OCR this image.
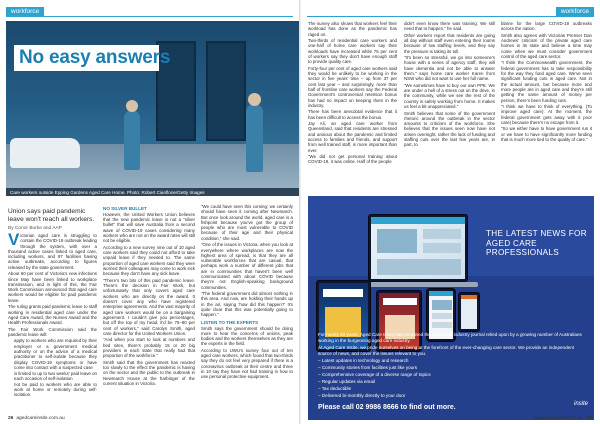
workforce
Care workers outside Epping Gardens Aged Care Home. Photo: Robert Cianflone/Getty Images
No easy answers
Union says paid pandemic leave won't reach all workers.
By Conor Burke and AAP

Victorian aged care is struggling to contain the COVID-19 outbreak leading through the system, with over a thousand active cases linked to aged care, including workers, and 97 facilities having active outbreaks, according to figures released by the state government.

About 60 per cent of Victoria's new infections since May have been linked to workplace transmission, and in light of this, the Fair Work Commission announced that aged care workers would be eligible for paid pandemic leave.

The ruling grants paid pandemic leave to staff working in residential aged care under the Aged Care Award, the Nurses Award and the Health Professionals Award.

The Fair Work Commission said the pandemic leave will:

• apply to workers who are required by their employer or a government medical authority or on the advice of a medical practitioner to self-isolate because they display COVID-19 symptoms or have come into contact with a suspected case
• is limited to up to two weeks' paid leave on each occasion of self-isolation
• not be paid to workers who are able to work at home or remotely during self-isolation.
NO SILVER BULLET

However, the United Workers Union believes that the new pandemic leave is not a "silver bullet" that will save Australia from a second wave of COVID-19 cases considering many workers who are not on the award rates will still not be eligible.

According to a new survey nine out of 10 aged care workers said they could not afford to take unpaid leave if they needed to. The same proportion of aged care workers said they were worried their colleagues may come to work sick because they don't have any sick leave.

"There's two bits of this paid pandemic leave. There's the decision in Fair Work, but unfortunately that only covers aged care workers who are directly on the award. It doesn't cover any who have registered enterprise agreements. And the vast majority of aged care workers would be on a bargaining agreement. I couldn't give you percentages, but off the top of my head, it'd be 75–80 per cent of workers," said Carolyn Smith, aged care director for the United Workers Union.

"And when you start to look at numbers and bed sites, there's probably 15 or 20 big providers in each state that really had that proportion of the workforce."

Smith said that the government has reacted too slowly to the effect the pandemic is having on the sector and the public to the outbreak in Newmarch House at the harbinger of the current situation in Victoria.

"We could have seen this coming; we certainly should have seen it coming after Newmarch. But once look around the world, aged care is a fishpoint because you've got the group of people who are most vulnerable to COVID because of their age and their physical condition," she said.

"One of the issues in Victoria, when you look at everywhere where workplaces are now the highest area of spread, is that they are all vulnerable workforces that are casual, that perhaps work a number of different jobs that are in communities that haven't been well communicated with about COVID because they're not English-speaking background communities.

"The federal government did almost nothing in this area. And now, are holding their hands up in the air, saying 'how did this happen?' It's quite clear that this was potentially going to happen."

LISTEN TO THE EXPERTS

Smith says the government should be doing more to hear the concerns of unions, peak bodies and the workers themselves as they are the experts in the field.

According to UWU's survey four out of ten aged care workers, which found that two-thirds say they do not feel very prepared if there is a coronavirus outbreak at their centre and three in 10 say they have not had training in how to use personal protective equipment.

26 agedcareinsite.com.au
workforce

The survey also shows that workers feel their workload has done as the pandemic has raged on.

Two-thirds of residential care workers and one-half of home care workers say their workloads have increased while 75 per cent of workers say they don't have enough staff to provide quality care.

Forty-four per cent of aged care workers said they would be unlikely to be working in the sector in five years' time – up from 37 per cent last year – and surprisingly, more than half of frontline care workers say the Federal Government's controversial retention bonus has had no impact on keeping them in the industry.

There has been anecdotal evidence that it has been difficult to access the bonus.

Jay Ali, an aged care worker from Queensland, said that residents are stressed and anxious about the pandemic and limited access to families and friends, and support from well trained staff, is more important than ever.

"We did not get personal training about COVID-19, it was online. Half of the people

didn't even know there was training. We still need that to happen," he said.

Other workers report that residents are going all day without staff even entering their rooms because of low staffing levels, and they say the pressure is taking its toll.

"It's been so stressful, we go into someone's house with a series of agency staff, they will have dementia and not be able to answer them," says home care worker Karen from NSW who did not want to use her full name.

"We sometimes have to buy our own PPE. We are under a hell of a stress out on the drive, in the community, while we see the rest of the country is safely working from home. It makes us feel a bit unappreciated."

Smith believes that some of the government rhetoric around the outbreak in the sector amounts to criticism of the workforce. She believes that the issues seen now have not arisen overnight, rather the lack of funding and staffing cuts over the last few years are, in part, to

blame for the large COVID-19 outbreaks across the nation.

Smith also agrees with Victorian Premier Dan Andrews' criticism of the private aged care homes in its state and believe a time may come when we must consider government control of the aged care sector.

"I think the Commonwealth government, the federal government has to take responsibility for the way they fund aged care. We've seen significant funding cuts in aged care. Not in the actual amount, but because more and more people are in aged care and they're still getting the same amount of money per person, there's been funding cuts.

"I think we have to think of everything. (To improve aged care). At the moment, the federal government gets away with it poor care) because there's no escape from it.

"So we either have to have government run it or we have to have significantly more funding that is much more tied to the quality of care."

THE LATEST NEWS FOR AGED CARE PROFESSIONALS

For nearly 20 years, Aged Care Insite has remained the respected industry journal relied upon by a growing number of Australians working in the burgeoning aged care industry.

At Aged Care Insite, we pride ourselves on being at the forefront of the ever-changing care sector. We provide an independent source of news, and cover the issues relevant to you.

– Latest updates in technology and research
– Community stories from facilities just like yours
– Comprehensive coverage of a diverse range of topics
– Regular updates via email
– Tax deductible
– Delivered bi-monthly directly to your door
Please call 02 9986 8666 to find out more.	insite
agedcareinsite.com.au 27
